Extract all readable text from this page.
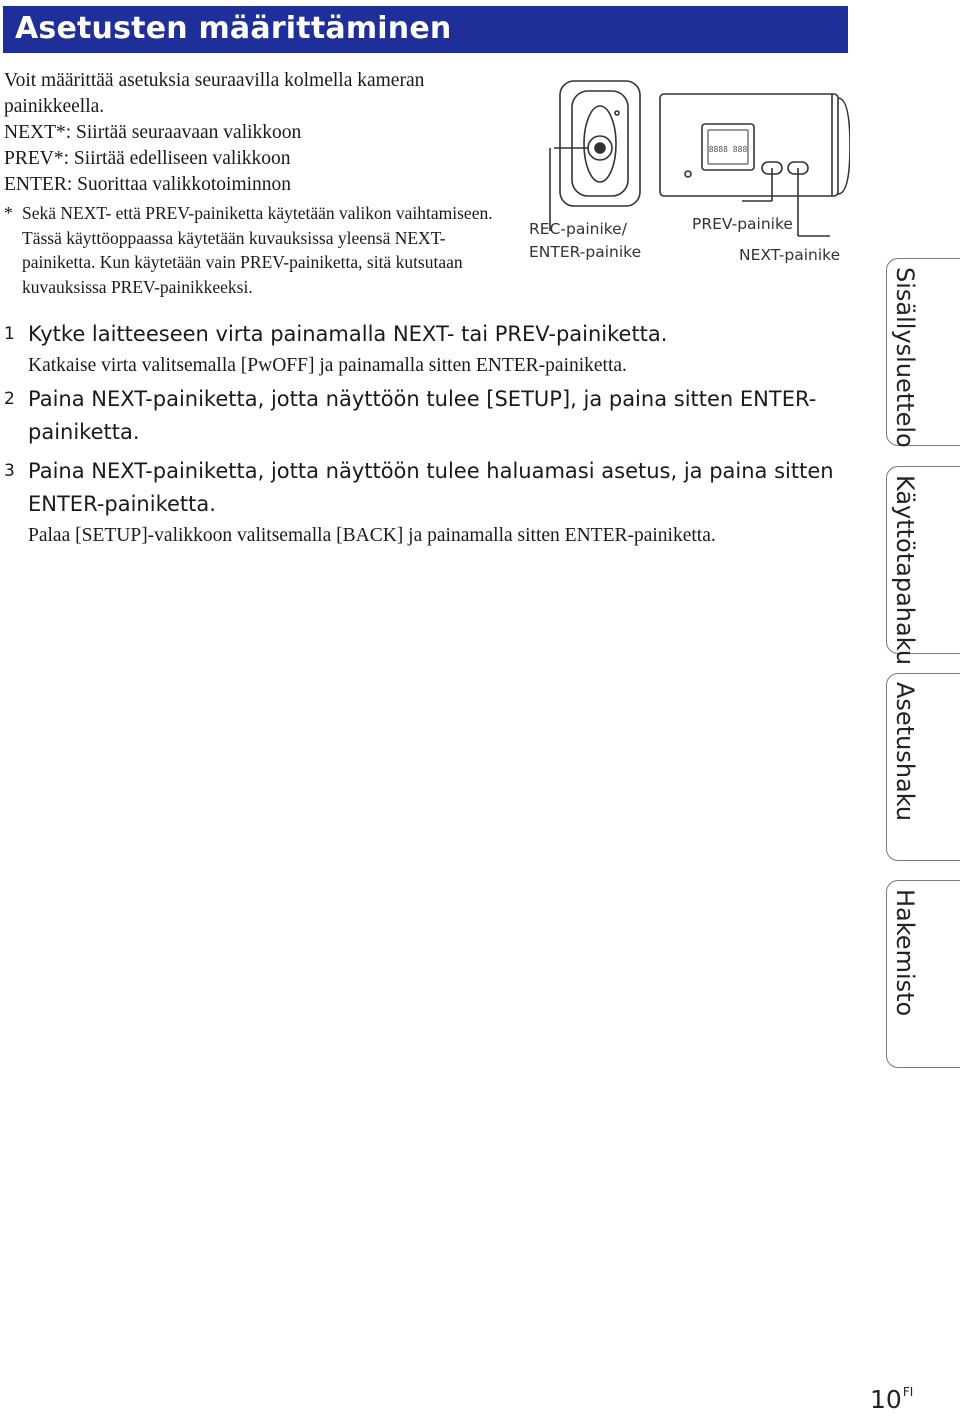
Asetusten määrittäminen

Voit määrittää asetuksia seuraavilla kolmella kameran painikkeella.

NEXT*: Siirtää seuraavaan valikkoon

PREV*: Siirtää edelliseen valikkoon

ENTER: Suorittaa valikkotoiminnon

* Sekä NEXT- että PREV-painiketta käytetään valikon vaihtamiseen. Tässä käyttöoppaassa käytetään kuvauksissa yleensä NEXT-painiketta. Kun käytetään vain PREV-painiketta, sitä kutsutaan kuvauksissa PREV-painikkeeksi.
8888 888
REC-painike/
ENTER-painike
PREV-painike
NEXT-painike
1 Kytke laitteeseen virta painamalla NEXT- tai PREV-painiketta.
Katkaise virta valitsemalla [PwOFF] ja painamalla sitten ENTER-painiketta.
2 Paina NEXT-painiketta, jotta näyttöön tulee [SETUP], ja paina sitten ENTER-painiketta.
3 Paina NEXT-painiketta, jotta näyttöön tulee haluamasi asetus, ja paina sitten ENTER-painiketta.
Palaa [SETUP]-valikkoon valitsemalla [BACK] ja painamalla sitten ENTER-painiketta.
Sisällysluettelo
Käyttötapahaku
Asetushaku
Hakemisto
$10^{FI}$
